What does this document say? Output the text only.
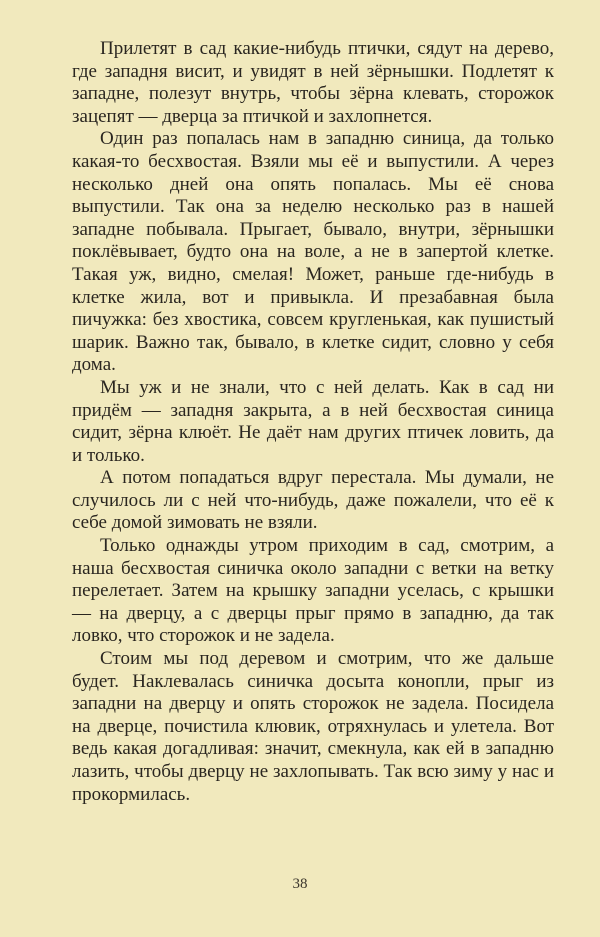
Прилетят в сад какие-нибудь птички, сядут на дерево, где западня висит, и увидят в ней зёрнышки. Подлетят к западне, полезут внутрь, чтобы зёрна клевать, сторожок зацепят — дверца за птичкой и захлопнется.

Один раз попалась нам в западню синица, да только какая-то бесхвостая. Взяли мы её и выпустили. А через несколько дней она опять попалась. Мы её снова выпустили. Так она за неделю несколько раз в нашей западне побывала. Прыгает, бывало, внутри, зёрнышки поклёвывает, будто она на воле, а не в запертой клетке. Такая уж, видно, смелая! Может, раньше где-нибудь в клетке жила, вот и привыкла. И презабавная была пичужка: без хвостика, совсем кругленькая, как пушистый шарик. Важно так, бывало, в клетке сидит, словно у себя дома.

Мы уж и не знали, что с ней делать. Как в сад ни придём — западня закрыта, а в ней бесхвостая синица сидит, зёрна клюёт. Не даёт нам других птичек ловить, да и только.

А потом попадаться вдруг перестала. Мы думали, не случилось ли с ней что-нибудь, даже пожалели, что её к себе домой зимовать не взяли.

Только однажды утром приходим в сад, смотрим, а наша бесхвостая синичка около западни с ветки на ветку перелетает. Затем на крышку западни уселась, с крышки — на дверцу, а с дверцы прыг прямо в западню, да так ловко, что сторожок и не задела.

Стоим мы под деревом и смотрим, что же дальше будет. Наклевалась синичка досыта конопли, прыг из западни на дверцу и опять сторожок не задела. Посидела на дверце, почистила клювик, отряхнулась и улетела. Вот ведь какая догадливая: значит, смекнула, как ей в западню лазить, чтобы дверцу не захлопывать. Так всю зиму у нас и прокормилась.

38
